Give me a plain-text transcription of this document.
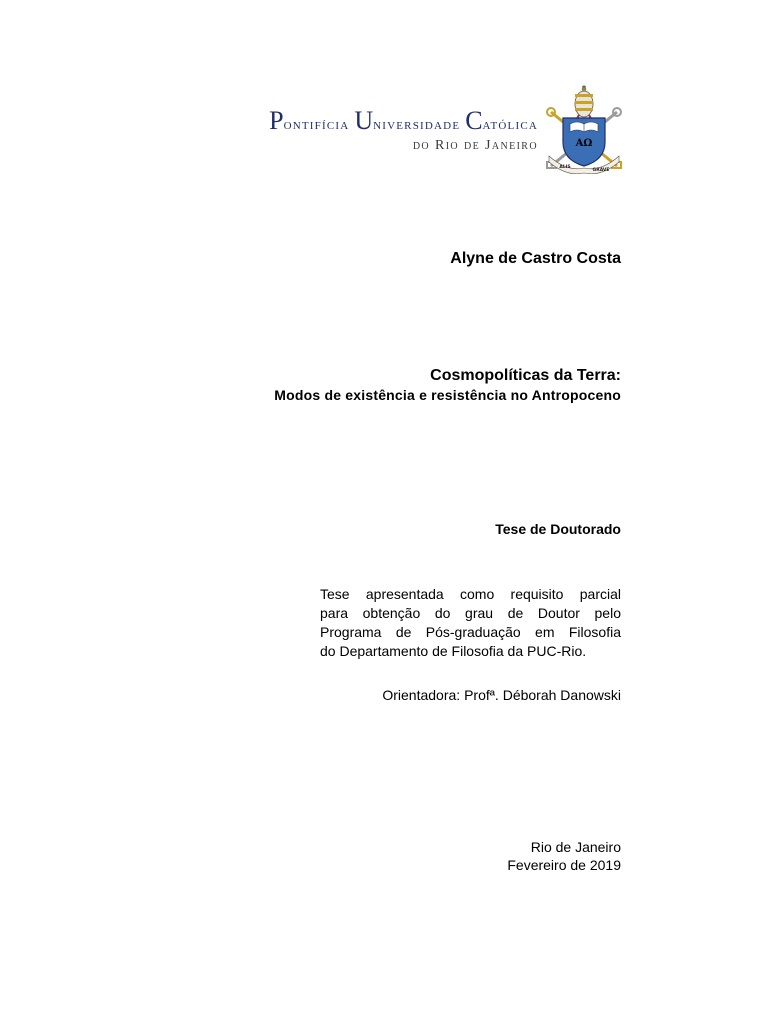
Pontifícia Universidade Católica
do Rio de Janeiro	ΑΩ
ALIS
GRAVE
Alyne de Castro Costa
Cosmopolíticas da Terra:
Modos de existência e resistência no Antropoceno
Tese de Doutorado
Tese apresentada como requisito parcial
para obtenção do grau de Doutor pelo
Programa de Pós-graduação em Filosofia
do Departamento de Filosofia da PUC-Rio.
Orientadora: Profª. Déborah Danowski
Rio de Janeiro
Fevereiro de 2019
